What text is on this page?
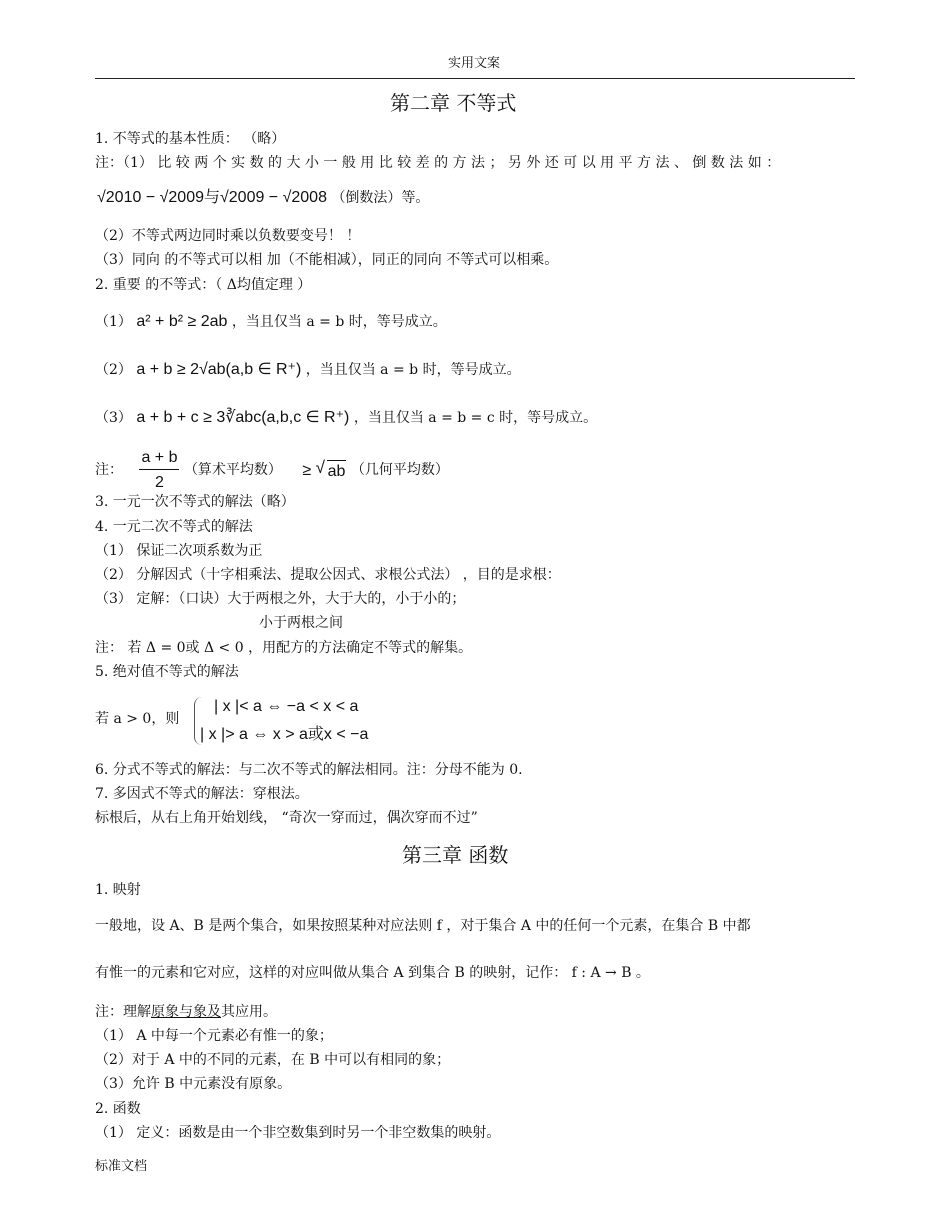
实用文案
第二章 不等式
1. 不等式的基本性质： （略）
注：（1） 比 较 两 个 实 数 的 大 小 一 般 用 比 较 差 的 方 法 ； 另 外 还 可 以 用 平 方 法 、 倒 数 法 如 ：
√2010 − √2009与√2009 − √2008 （倒数法）等。
（2）不等式两边同时乘以负数要变号！ ！
（3）同向 的不等式可以相 加（不能相减），同正的同向 不等式可以相乘。
2. 重要 的不等式：（ Δ均值定理 ）
（1） a² + b² ≥ 2ab ，当且仅当 a = b 时，等号成立。
（2） a + b ≥ 2√ab(a,b ∈ R⁺) ，当且仅当 a = b 时，等号成立。
（3） a + b + c ≥ 3∛abc(a,b,c ∈ R⁺) ，当且仅当 a = b = c 时，等号成立。
注： $\frac{a + b}{2}$ （算术平均数） ≥ √ ab （几何平均数）
3. 一元一次不等式的解法（略）
4. 一元二次不等式的解法
（1） 保证二次项系数为正
（2） 分解因式（十字相乘法、提取公因式、求根公式法） ，目的是求根：
（3） 定解：（口诀）大于两根之外，大于大的，小于小的；
小于两根之间
注： 若 Δ = 0或 Δ < 0 ，用配方的方法确定不等式的解集。
5. 绝对值不等式的解法
若 a > 0，则
| x |< a ⇔ −a < x < a
| x |> a ⇔ x > a或x < −a
6. 分式不等式的解法：与二次不等式的解法相同。注：分母不能为 0.
7. 多因式不等式的解法：穿根法。
标根后，从右上角开始划线， “奇次一穿而过，偶次穿而不过”
第三章 函数
1. 映射
一般地，设 A、B 是两个集合，如果按照某种对应法则 f ，对于集合 A 中的任何一个元素，在集合 B 中都
有惟一的元素和它对应，这样的对应叫做从集合 A 到集合 B 的映射，记作： f : A → B 。
注：理解原象与象及其应用。
（1） A 中每一个元素必有惟一的象；
（2）对于 A 中的不同的元素，在 B 中可以有相同的象；
（3）允许 B 中元素没有原象。
2. 函数
（1） 定义：函数是由一个非空数集到时另一个非空数集的映射。
标准文档
